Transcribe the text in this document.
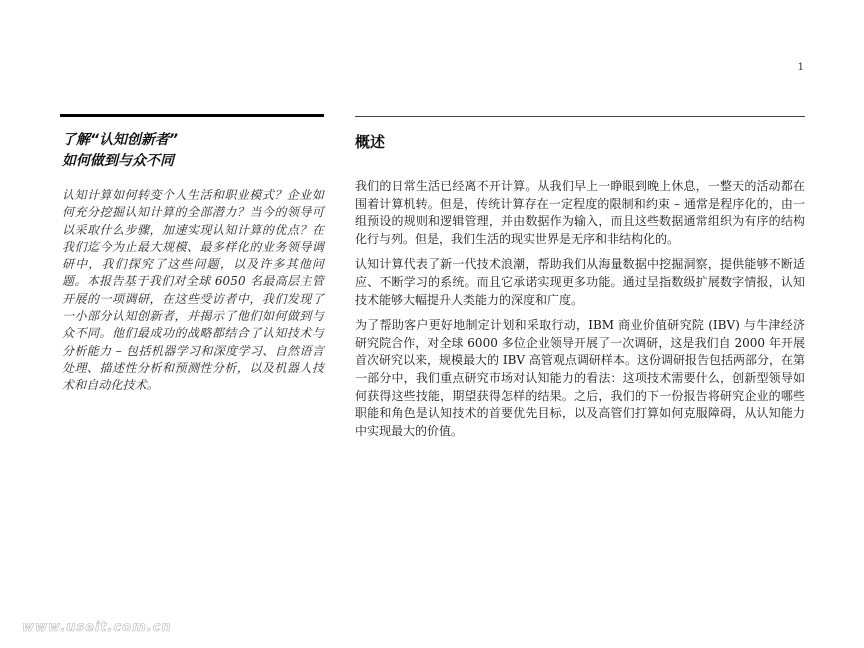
1
了解“认知创新者”
如何做到与众不同
认知计算如何转变个人生活和职业模式？企业如何充分挖掘认知计算的全部潜力？当今的领导可以采取什么步骤，加速实现认知计算的优点？在我们迄今为止最大规模、最多样化的业务领导调研中，我们探究了这些问题，以及许多其他问题。本报告基于我们对全球 6050 名最高层主管开展的一项调研，在这些受访者中，我们发现了一小部分认知创新者，并揭示了他们如何做到与众不同。他们最成功的战略都结合了认知技术与分析能力 – 包括机器学习和深度学习、自然语言处理、描述性分析和预测性分析，以及机器人技术和自动化技术。
概述

我们的日常生活已经离不开计算。从我们早上一睁眼到晚上休息，一整天的活动都在围着计算机转。但是，传统计算存在一定程度的限制和约束 – 通常是程序化的，由一组预设的规则和逻辑管理，并由数据作为输入，而且这些数据通常组织为有序的结构化行与列。但是，我们生活的现实世界是无序和非结构化的。

认知计算代表了新一代技术浪潮，帮助我们从海量数据中挖掘洞察，提供能够不断适应、不断学习的系统。而且它承诺实现更多功能。通过呈指数级扩展数字情报，认知技术能够大幅提升人类能力的深度和广度。

为了帮助客户更好地制定计划和采取行动，IBM 商业价值研究院 (IBV) 与牛津经济研究院合作，对全球 6000 多位企业领导开展了一次调研，这是我们自 2000 年开展首次研究以来，规模最大的 IBV 高管观点调研样本。这份调研报告包括两部分，在第一部分中，我们重点研究市场对认知能力的看法：这项技术需要什么，创新型领导如何获得这些技能，期望获得怎样的结果。之后，我们的下一份报告将研究企业的哪些职能和角色是认知技术的首要优先目标，以及高管们打算如何克服障碍，从认知能力中实现最大的价值。

www.useit.com.cn
